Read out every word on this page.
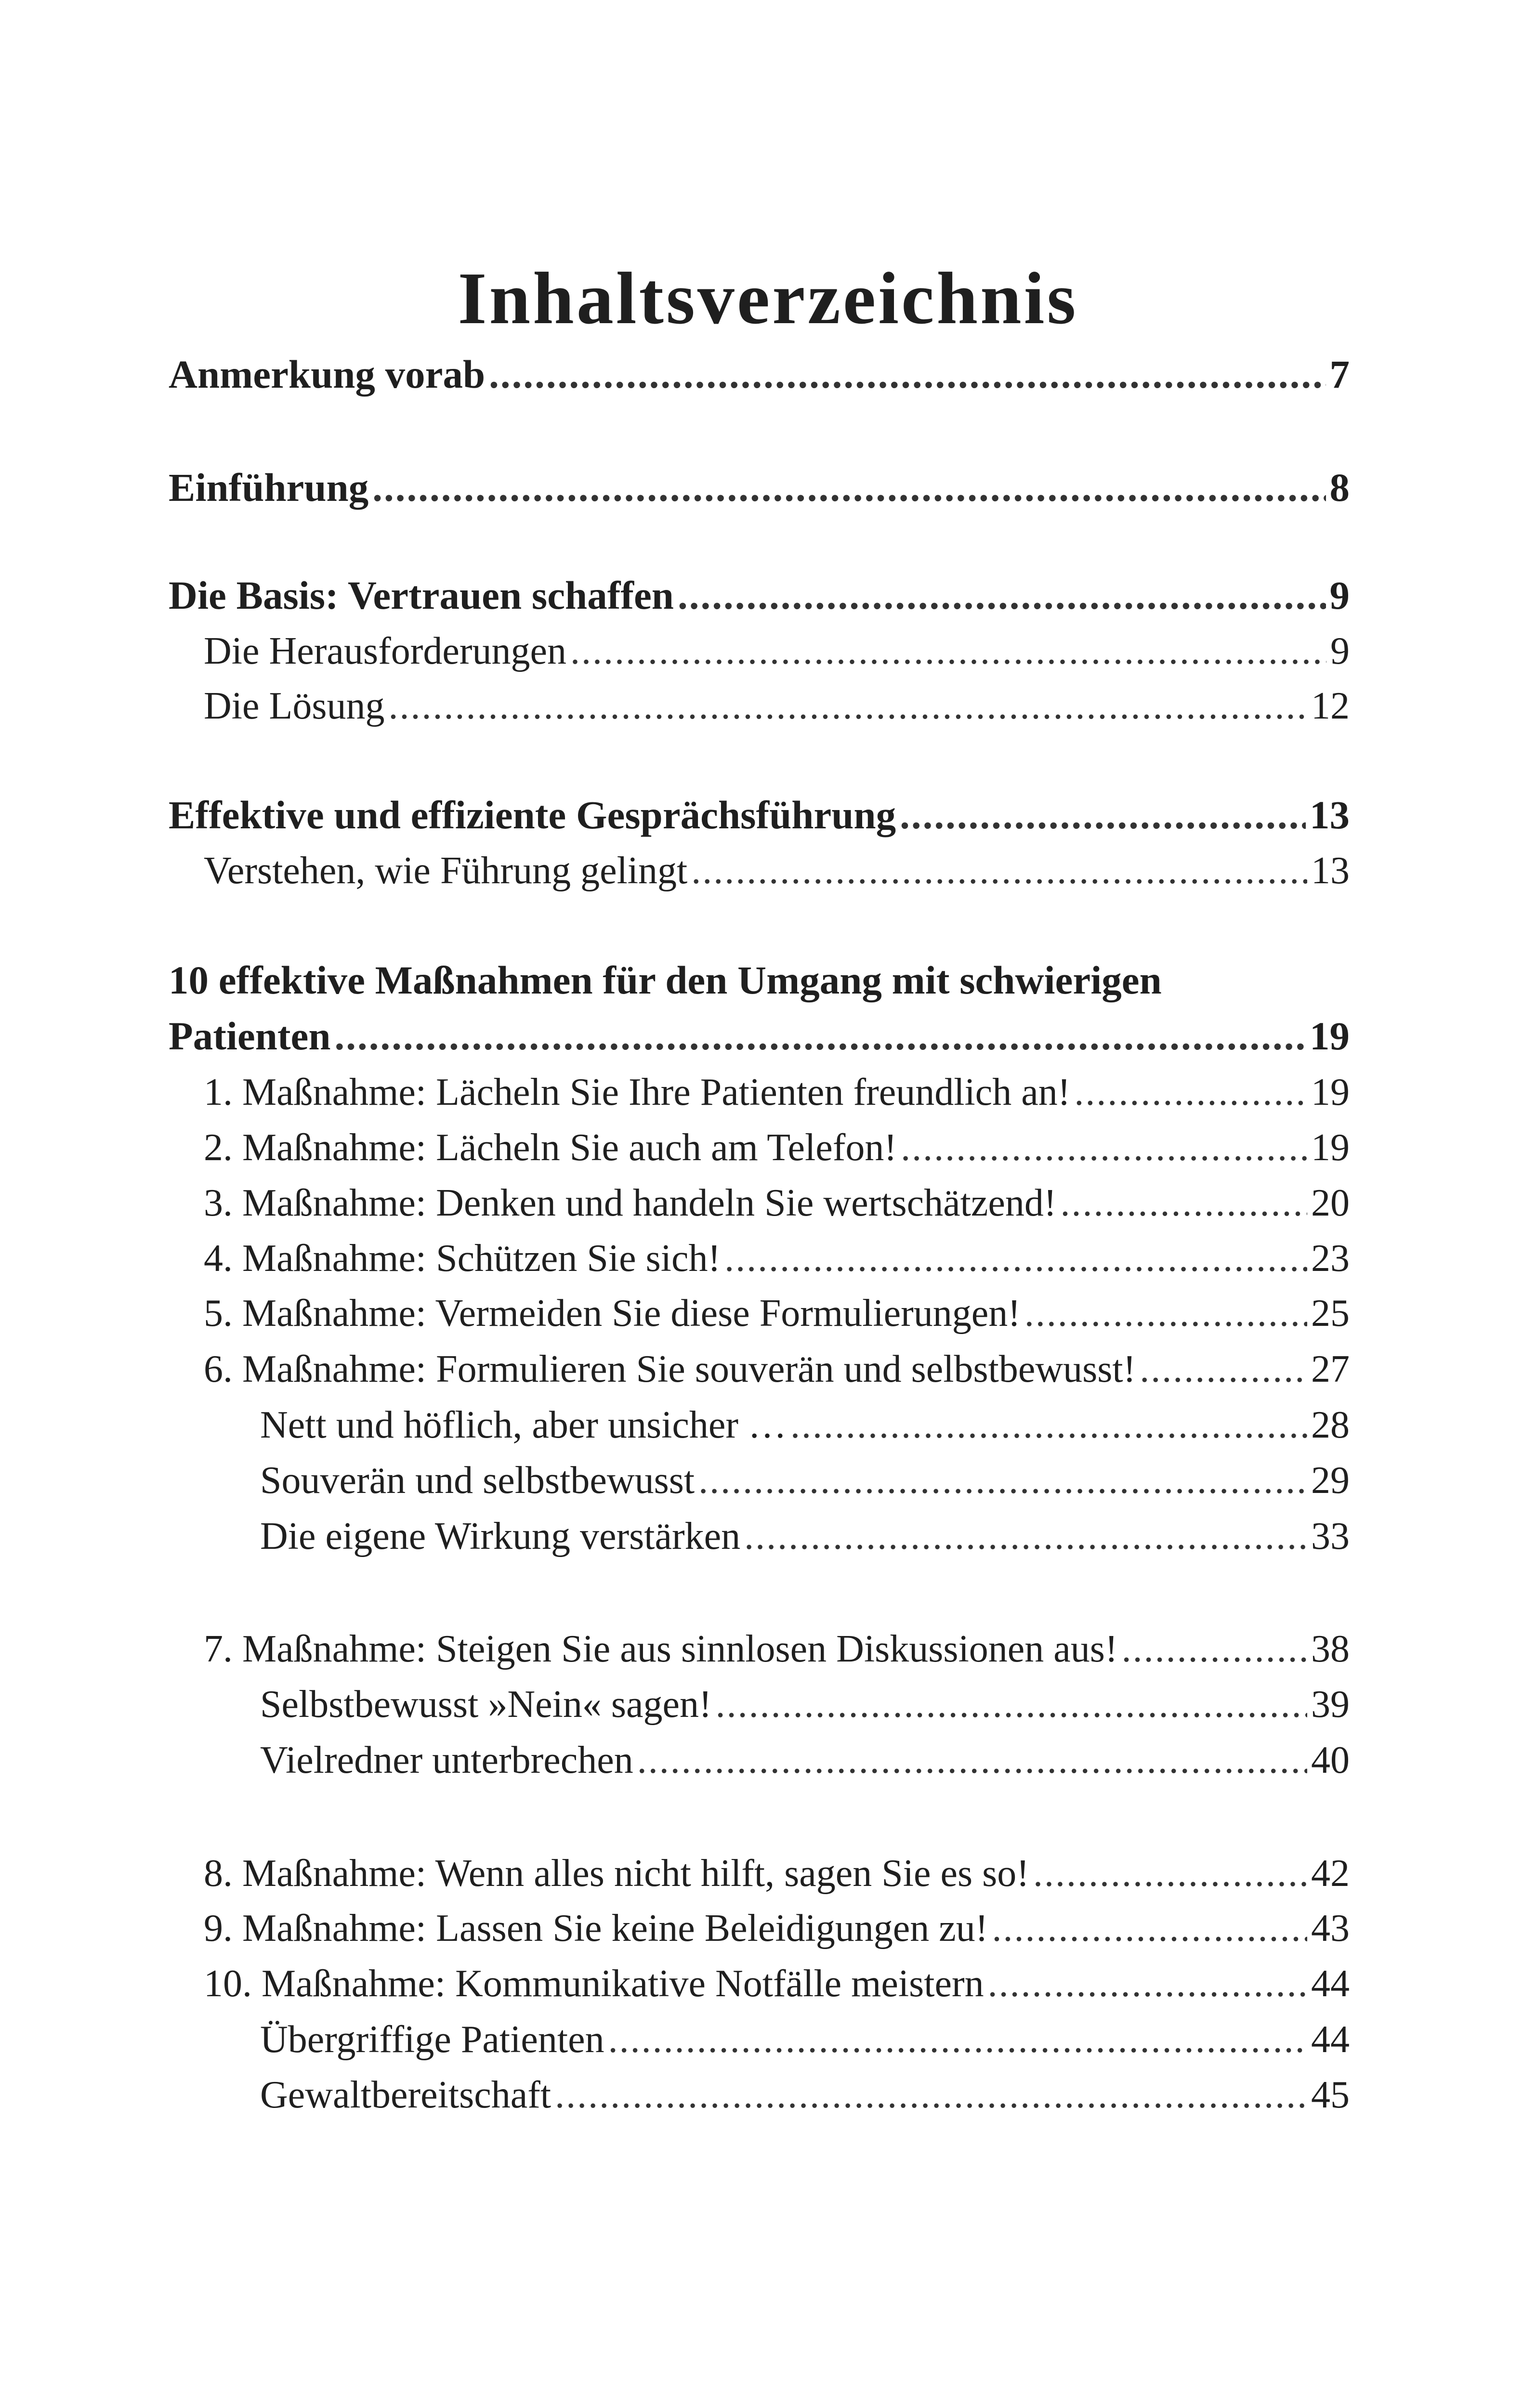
Inhaltsverzeichnis
Anmerkung vorab .....	7
Einführung .....	8
Die Basis: Vertrauen schaffen .....	9
Die Herausforderungen .....	9
Die Lösung .....	12
Effektive und effiziente Gesprächsführung .....	13
Verstehen, wie Führung gelingt .....	13
10 effektive Maßnahmen für den Umgang mit schwierigen
Patienten .....	19
1. Maßnahme: Lächeln Sie Ihre Patienten freundlich an! .....	19
2. Maßnahme: Lächeln Sie auch am Telefon! .....	19
3. Maßnahme: Denken und handeln Sie wertschätzend! .....	20
4. Maßnahme: Schützen Sie sich! .....	23
5. Maßnahme: Vermeiden Sie diese Formulierungen! .....	25
6. Maßnahme: Formulieren Sie souverän und selbstbewusst! .....	27
Nett und höflich, aber unsicher … .....	28
Souverän und selbstbewusst .....	29
Die eigene Wirkung verstärken .....	33
7. Maßnahme: Steigen Sie aus sinnlosen Diskussionen aus! .....	38
Selbstbewusst »Nein« sagen! .....	39
Vielredner unterbrechen .....	40
8. Maßnahme: Wenn alles nicht hilft, sagen Sie es so! .....	42
9. Maßnahme: Lassen Sie keine Beleidigungen zu! .....	43
10. Maßnahme: Kommunikative Notfälle meistern .....	44
Übergriffige Patienten .....	44
Gewaltbereitschaft .....	45
